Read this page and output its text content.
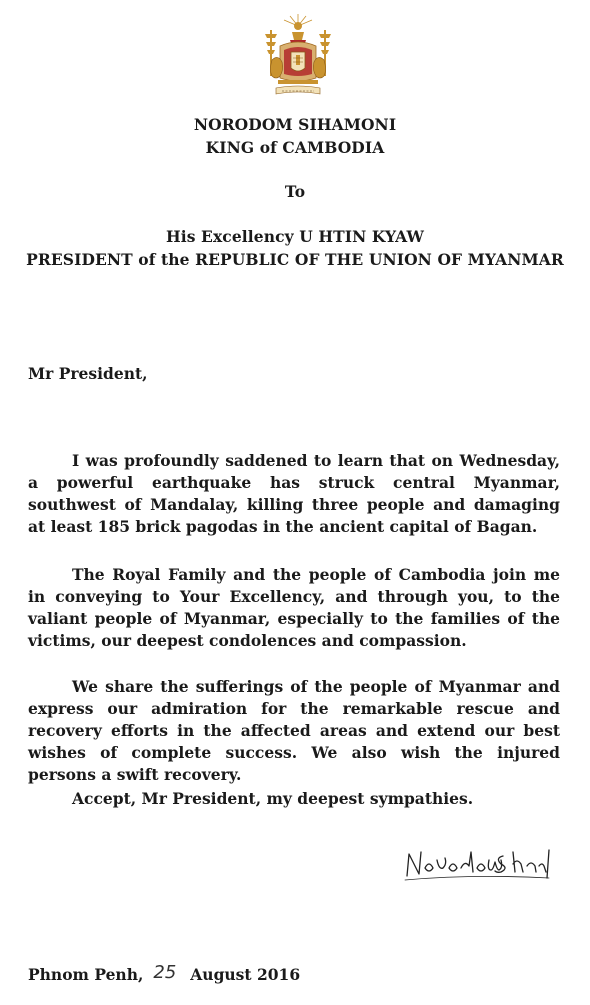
NORODOM SIHAMONI
KING of CAMBODIA
To
His Excellency U HTIN KYAW
PRESIDENT of the REPUBLIC OF THE UNION OF MYANMAR
Mr President,

I was profoundly saddened to learn that on Wednesday, a powerful earthquake has struck central Myanmar, southwest of Mandalay, killing three people and damaging at least 185 brick pagodas in the ancient capital of Bagan.

The Royal Family and the people of Cambodia join me in conveying to Your Excellency, and through you, to the valiant people of Myanmar, especially to the families of the victims, our deepest condolences and compassion.

We share the sufferings of the people of Myanmar and express our admiration for the remarkable rescue and recovery efforts in the affected areas and extend our best wishes of complete success. We also wish the injured persons a swift recovery.

Accept, Mr President, my deepest sympathies.

Phnom Penh, 25 August 2016
